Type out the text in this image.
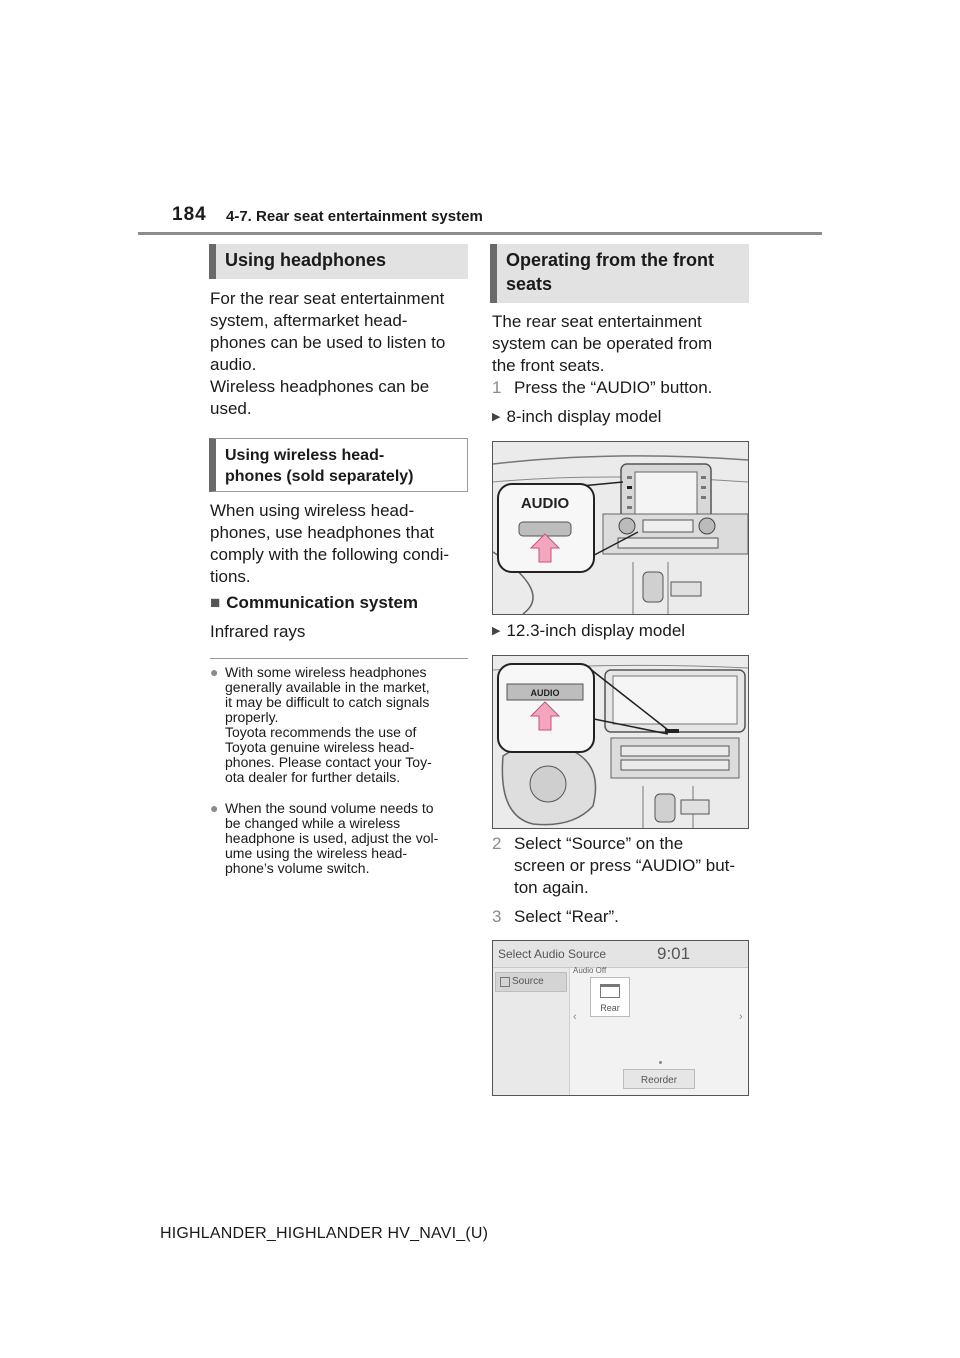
184 4-7. Rear seat entertainment system
Using headphones
For the rear seat entertainment
system, aftermarket head-
phones can be used to listen to
audio.
Wireless headphones can be
used.
Using wireless head-
phones (sold separately)
When using wireless head-
phones, use headphones that
comply with the following condi-
tions.
■ Communication system
Infrared rays
● With some wireless headphones
generally available in the market,
it may be difficult to catch signals
properly.
Toyota recommends the use of
Toyota genuine wireless head-
phones. Please contact your Toy-
ota dealer for further details.
● When the sound volume needs to
be changed while a wireless
headphone is used, adjust the vol-
ume using the wireless head-
phone’s volume switch.
Operating from the front
seats
The rear seat entertainment
system can be operated from
the front seats.
1 Press the “AUDIO” button.
▶ 8-inch display model
AUDIO
▶ 12.3-inch display model
AUDIO
2 Select “Source” on the
screen or press “AUDIO” but-
ton again.
3 Select “Rear”.
Select Audio Source	9:01
Source
Audio Off
Rear
‹	›
Reorder
HIGHLANDER_HIGHLANDER HV_NAVI_(U)
